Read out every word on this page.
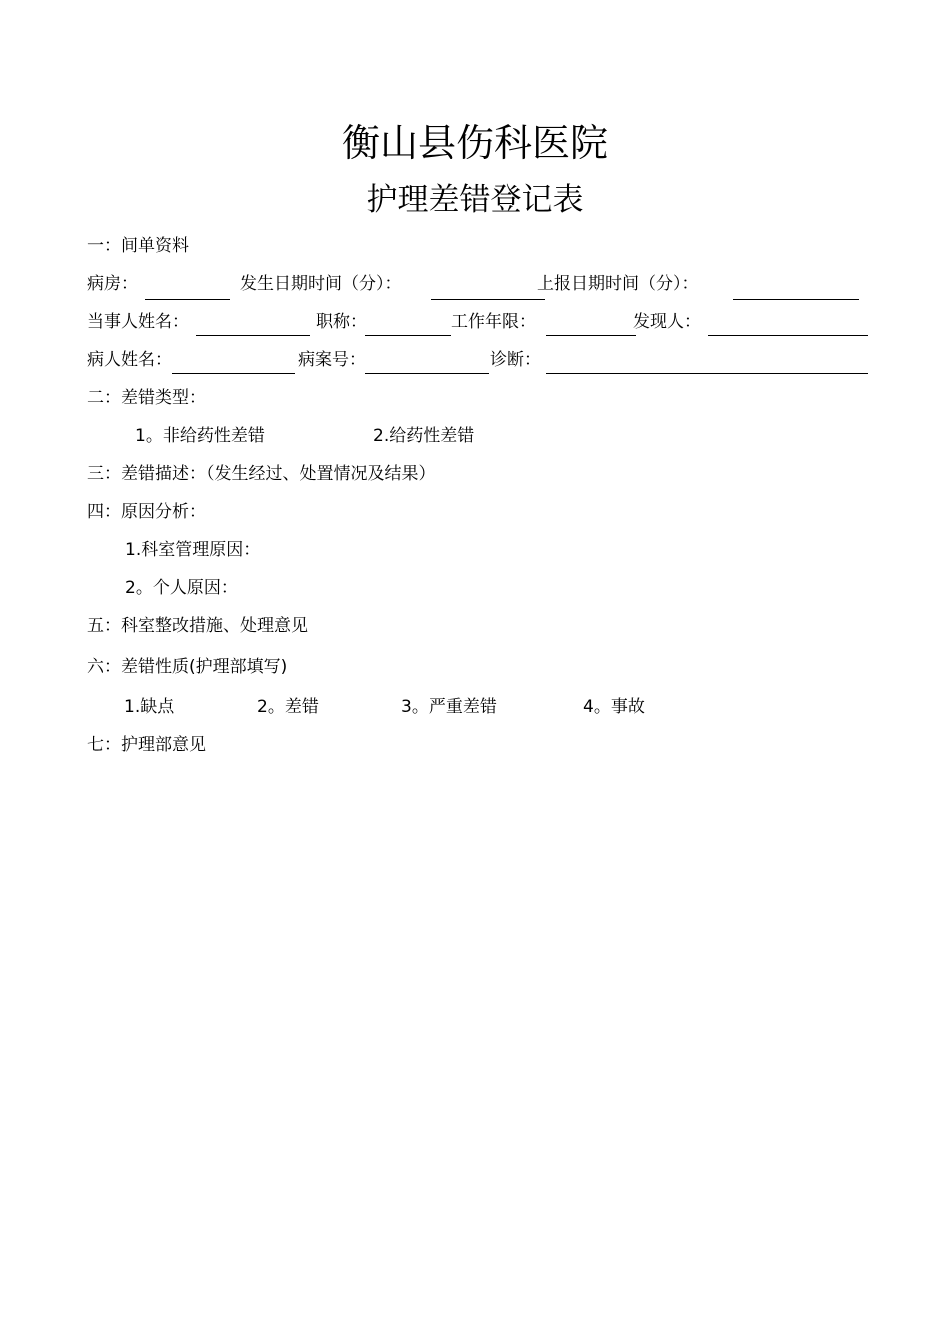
衡山县伤科医院
护理差错登记表
一：间单资料
病房：	发生日期时间（分）：	上报日期时间（分）：
当事人姓名：	职称：	工作年限：	发现人：
病人姓名：	病案号：	诊断：
二：差错类型：
1。非给药性差错	2.给药性差错
三：差错描述：（发生经过、处置情况及结果）
四：原因分析：
1.科室管理原因：
2。个人原因：
五：科室整改措施、处理意见
六：差错性质(护理部填写)
1.缺点	2。差错	3。严重差错	4。事故
七：护理部意见
